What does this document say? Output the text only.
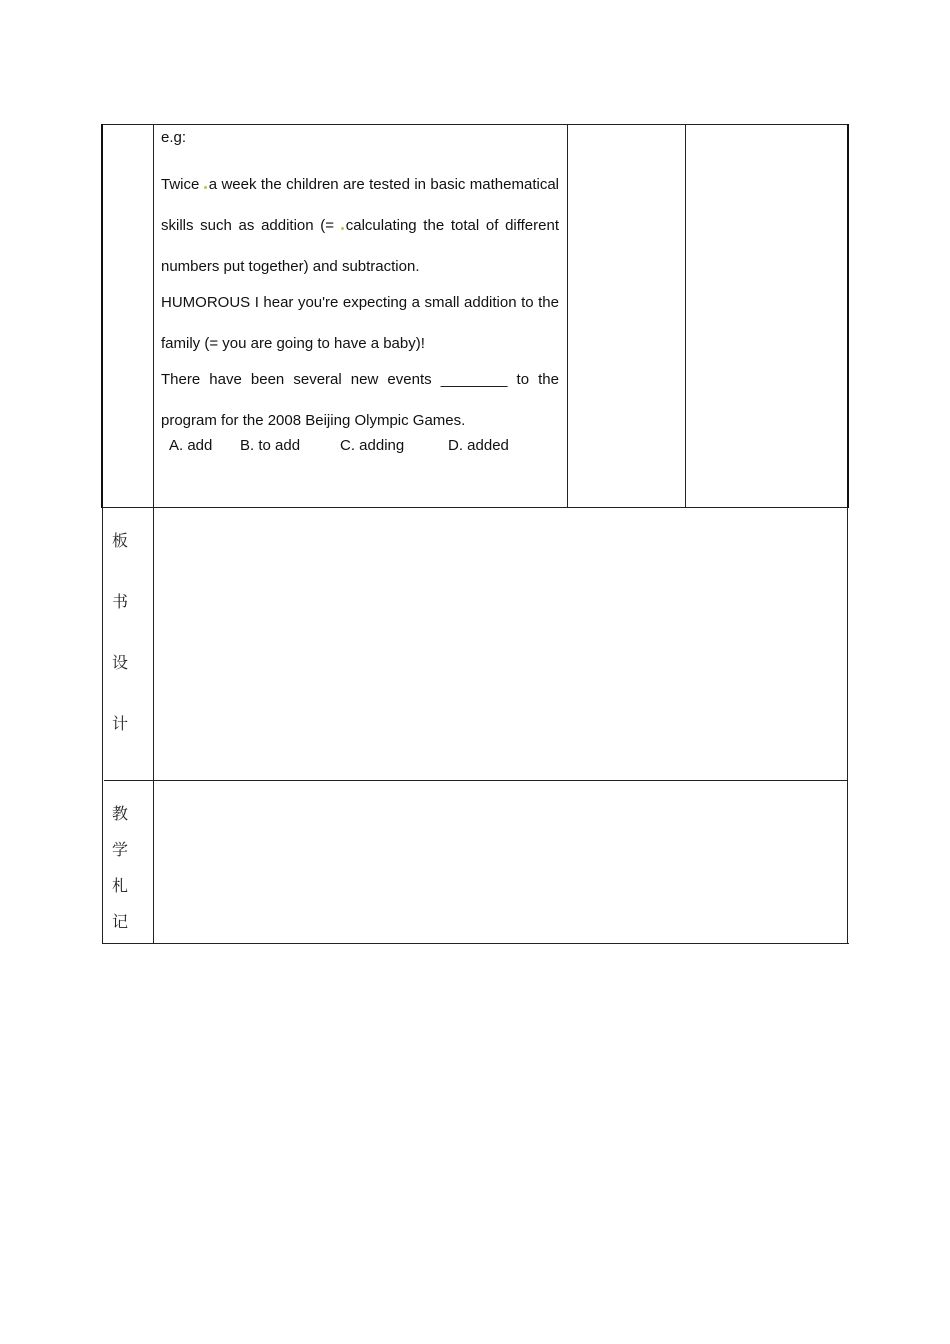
e.g:

Twice a week the children are tested in basic mathematical skills such as addition (= calculating the total of different numbers put together) and subtraction.

HUMOROUS I hear you're expecting a small addition to the family (= you are going to have a baby)!

There have been several new events ________ to the program for the 2008 Beijing Olympic Games.

A. add B. to add	C. adding	D. added
板
书
设
计
教
学
札
记
